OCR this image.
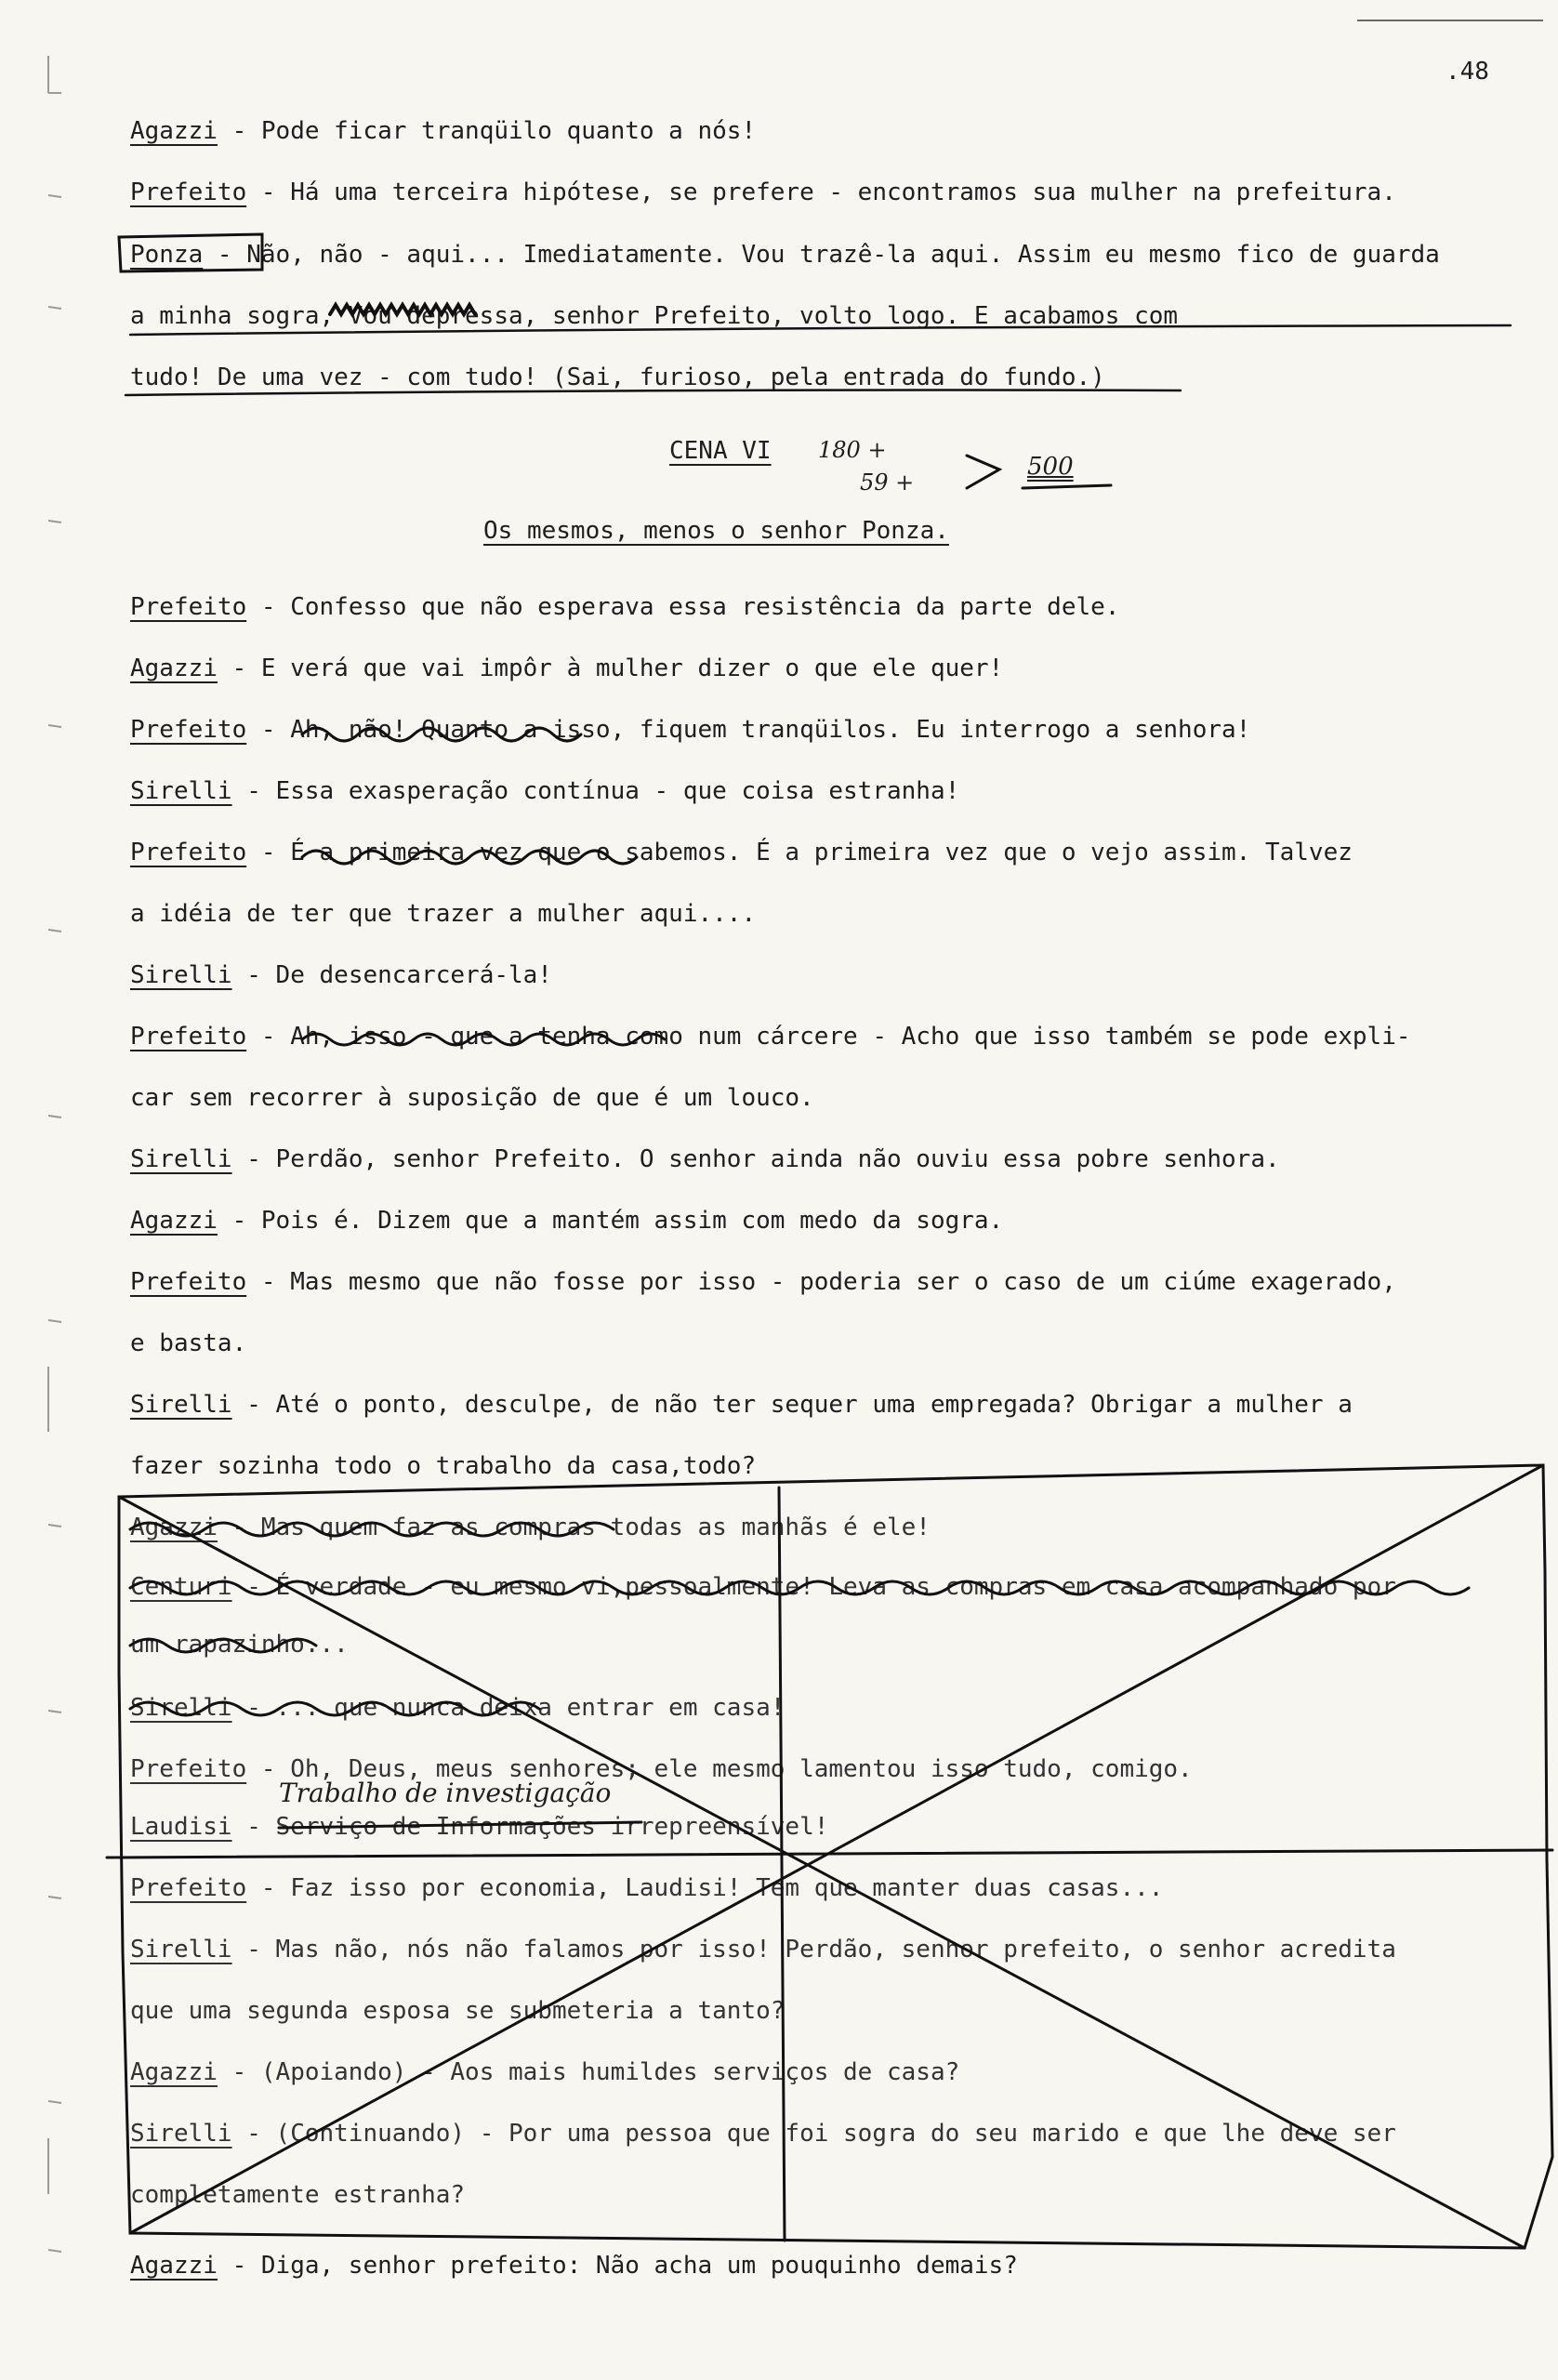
.48
Agazzi - Pode ficar tranqüilo quanto a nós!
Prefeito - Há uma terceira hipótese, se prefere - encontramos sua mulher na prefeitura.
Ponza - Não, não - aqui... Imediatamente. Vou trazê-la aqui. Assim eu mesmo fico de guarda
a minha sogra, Vou depressa, senhor Prefeito, volto logo. E acabamos com
tudo! De uma vez - com tudo! (Sai, furioso, pela entrada do fundo.)
CENA VI 180 +
59 +
500
Os mesmos, menos o senhor Ponza.
Prefeito - Confesso que não esperava essa resistência da parte dele.
Agazzi - E verá que vai impôr à mulher dizer o que ele quer!
Prefeito - Ah, não! Quanto a isso, fiquem tranqüilos. Eu interrogo a senhora!
Sirelli - Essa exasperação contínua - que coisa estranha!
Prefeito - É a primeira vez que o sabemos. É a primeira vez que o vejo assim. Talvez
a idéia de ter que trazer a mulher aqui....
Sirelli - De desencarcerá-la!
Prefeito - Ah, isso - que a tenha como num cárcere - Acho que isso também se pode expli-
car sem recorrer à suposição de que é um louco.
Sirelli - Perdão, senhor Prefeito. O senhor ainda não ouviu essa pobre senhora.
Agazzi - Pois é. Dizem que a mantém assim com medo da sogra.
Prefeito - Mas mesmo que não fosse por isso - poderia ser o caso de um ciúme exagerado,
e basta.
Sirelli - Até o ponto, desculpe, de não ter sequer uma empregada? Obrigar a mulher a
fazer sozinha todo o trabalho da casa,todo?
Agazzi - Mas quem faz as compras todas as manhãs é ele!
Centuri - É verdade - eu mesmo vi,pessoalmente! Leva as compras em casa acompanhado por
um rapazinho...
Sirelli - ... que nunca deixa entrar em casa!
Prefeito - Oh, Deus, meus senhores; ele mesmo lamentou isso tudo, comigo.
Laudisi - Serviço de Informações irrepreensível!
Trabalho de investigação
Prefeito - Faz isso por economia, Laudisi! Tem que manter duas casas...
Sirelli - Mas não, nós não falamos por isso! Perdão, senhor prefeito, o senhor acredita
que uma segunda esposa se submeteria a tanto?
Agazzi - (Apoiando) - Aos mais humildes serviços de casa?
Sirelli - (Continuando) - Por uma pessoa que foi sogra do seu marido e que lhe deve ser
completamente estranha?
Agazzi - Diga, senhor prefeito: Não acha um pouquinho demais?
